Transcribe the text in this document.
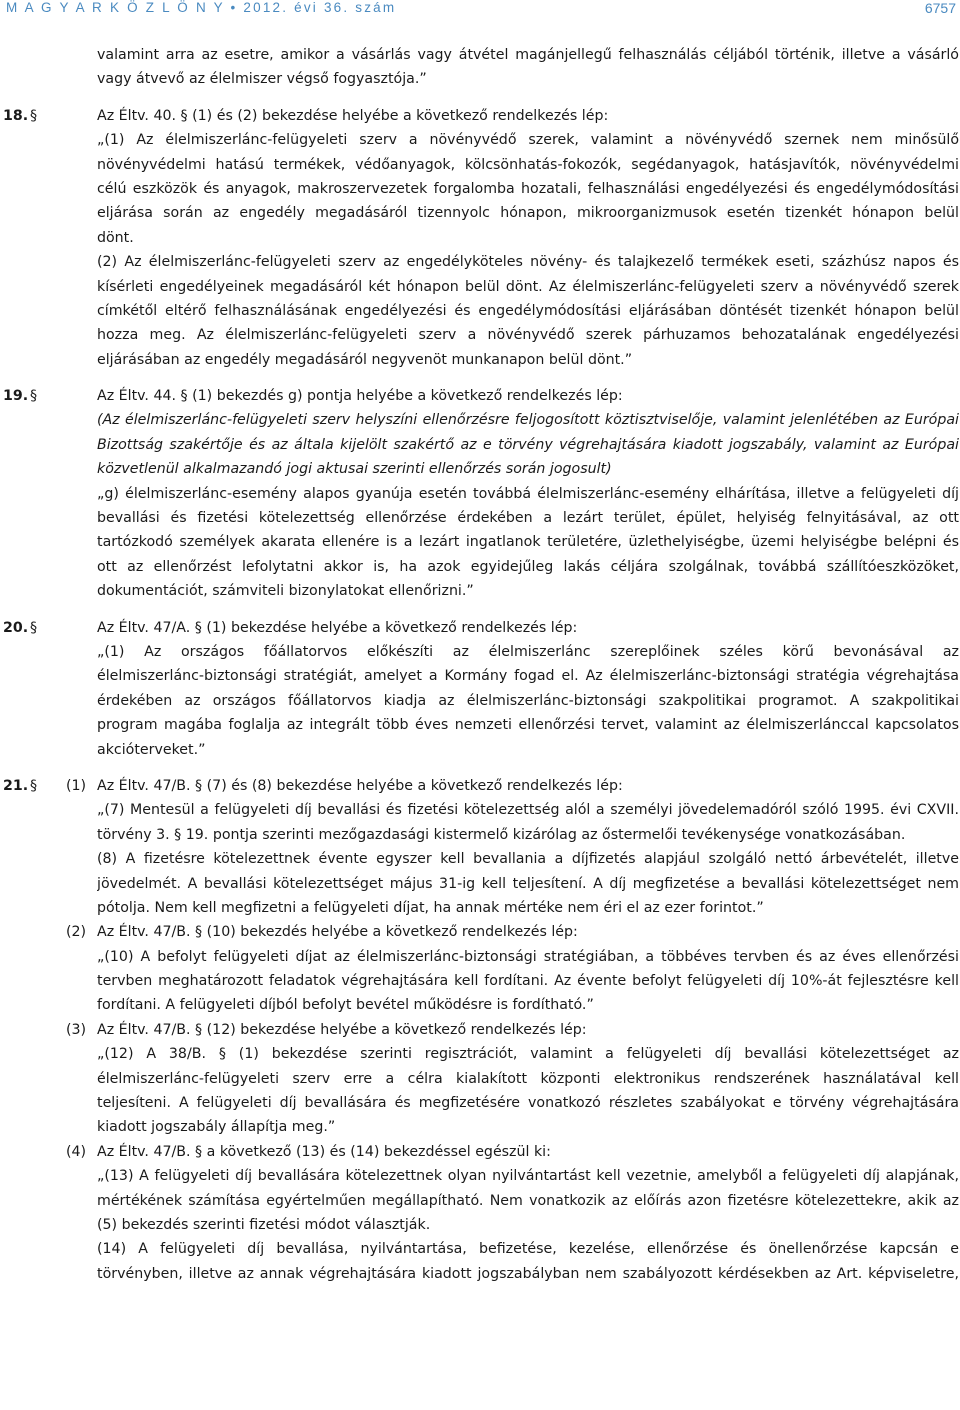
M A G Y A R K Ö Z L Ö N Y • 2012. évi 36. szám	6757
valamint arra az esetre, amikor a vásárlás vagy átvétel magánjellegű felhasználás céljából történik, illetve a vásárló
vagy átvevő az élelmiszer végső fogyasztója.”
18. §	Az Éltv. 40. § (1) és (2) bekezdése helyébe a következő rendelkezés lép:
„(1) Az élelmiszerlánc-felügyeleti szerv a növényvédő szerek, valamint a növényvédő szernek nem minősülő
növényvédelmi hatású termékek, védőanyagok, kölcsönhatás-fokozók, segédanyagok, hatásjavítók, növényvédelmi
célú eszközök és anyagok, makroszervezetek forgalomba hozatali, felhasználási engedélyezési és engedélymódosítási
eljárása során az engedély megadásáról tizennyolc hónapon, mikroorganizmusok esetén tizenkét hónapon belül
dönt.
(2) Az élelmiszerlánc-felügyeleti szerv az engedélyköteles növény- és talajkezelő termékek eseti, százhúsz napos és
kísérleti engedélyeinek megadásáról két hónapon belül dönt. Az élelmiszerlánc-felügyeleti szerv a növényvédő szerek
címkétől eltérő felhasználásának engedélyezési és engedélymódosítási eljárásában döntését tizenkét hónapon belül
hozza meg. Az élelmiszerlánc-felügyeleti szerv a növényvédő szerek párhuzamos behozatalának engedélyezési
eljárásában az engedély megadásáról negyvenöt munkanapon belül dönt.”
19. §	Az Éltv. 44. § (1) bekezdés g) pontja helyébe a következő rendelkezés lép:
(Az élelmiszerlánc-felügyeleti szerv helyszíni ellenőrzésre feljogosított köztisztviselője, valamint jelenlétében az Európai
Bizottság szakértője és az általa kijelölt szakértő az e törvény végrehajtására kiadott jogszabály, valamint az Európai
közvetlenül alkalmazandó jogi aktusai szerinti ellenőrzés során jogosult)
„g) élelmiszerlánc-esemény alapos gyanúja esetén továbbá élelmiszerlánc-esemény elhárítása, illetve a felügyeleti díj
bevallási és fizetési kötelezettség ellenőrzése érdekében a lezárt terület, épület, helyiség felnyitásával, az ott
tartózkodó személyek akarata ellenére is a lezárt ingatlanok területére, üzlethelyiségbe, üzemi helyiségbe belépni és
ott az ellenőrzést lefolytatni akkor is, ha azok egyidejűleg lakás céljára szolgálnak, továbbá szállítóeszközöket,
dokumentációt, számviteli bizonylatokat ellenőrizni.”
20. §	Az Éltv. 47/A. § (1) bekezdése helyébe a következő rendelkezés lép:
„(1) Az országos főállatorvos előkészíti az élelmiszerlánc szereplőinek széles körű bevonásával az
élelmiszerlánc-biztonsági stratégiát, amelyet a Kormány fogad el. Az élelmiszerlánc-biztonsági stratégia végrehajtása
érdekében az országos főállatorvos kiadja az élelmiszerlánc-biztonsági szakpolitikai programot. A szakpolitikai
program magába foglalja az integrált több éves nemzeti ellenőrzési tervet, valamint az élelmiszerlánccal kapcsolatos
akcióterveket.”
21. § (1) Az Éltv. 47/B. § (7) és (8) bekezdése helyébe a következő rendelkezés lép:
„(7) Mentesül a felügyeleti díj bevallási és fizetési kötelezettség alól a személyi jövedelemadóról szóló 1995. évi CXVII.
törvény 3. § 19. pontja szerinti mezőgazdasági kistermelő kizárólag az őstermelői tevékenysége vonatkozásában.
(8) A fizetésre kötelezettnek évente egyszer kell bevallania a díjfizetés alapjául szolgáló nettó árbevételét, illetve
jövedelmét. A bevallási kötelezettséget május 31-ig kell teljesítení. A díj megfizetése a bevallási kötelezettséget nem
pótolja. Nem kell megfizetni a felügyeleti díjat, ha annak mértéke nem éri el az ezer forintot.”
(2) Az Éltv. 47/B. § (10) bekezdés helyébe a következő rendelkezés lép:
„(10) A befolyt felügyeleti díjat az élelmiszerlánc-biztonsági stratégiában, a többéves tervben és az éves ellenőrzési
tervben meghatározott feladatok végrehajtására kell fordítani. Az évente befolyt felügyeleti díj 10%-át fejlesztésre kell
fordítani. A felügyeleti díjból befolyt bevétel működésre is fordítható.”
(3) Az Éltv. 47/B. § (12) bekezdése helyébe a következő rendelkezés lép:
„(12) A 38/B. § (1) bekezdése szerinti regisztrációt, valamint a felügyeleti díj bevallási kötelezettséget az
élelmiszerlánc-felügyeleti szerv erre a célra kialakított központi elektronikus rendszerének használatával kell
teljesíteni. A felügyeleti díj bevallására és megfizetésére vonatkozó részletes szabályokat e törvény végrehajtására
kiadott jogszabály állapítja meg.”
(4) Az Éltv. 47/B. § a következő (13) és (14) bekezdéssel egészül ki:
„(13) A felügyeleti díj bevallására kötelezettnek olyan nyilvántartást kell vezetnie, amelyből a felügyeleti díj alapjának,
mértékének számítása egyértelműen megállapítható. Nem vonatkozik az előírás azon fizetésre kötelezettekre, akik az
(5) bekezdés szerinti fizetési módot választják.
(14) A felügyeleti díj bevallása, nyilvántartása, befizetése, kezelése, ellenőrzése és önellenőrzése kapcsán e
törvényben, illetve az annak végrehajtására kiadott jogszabályban nem szabályozott kérdésekben az Art. képviseletre,
